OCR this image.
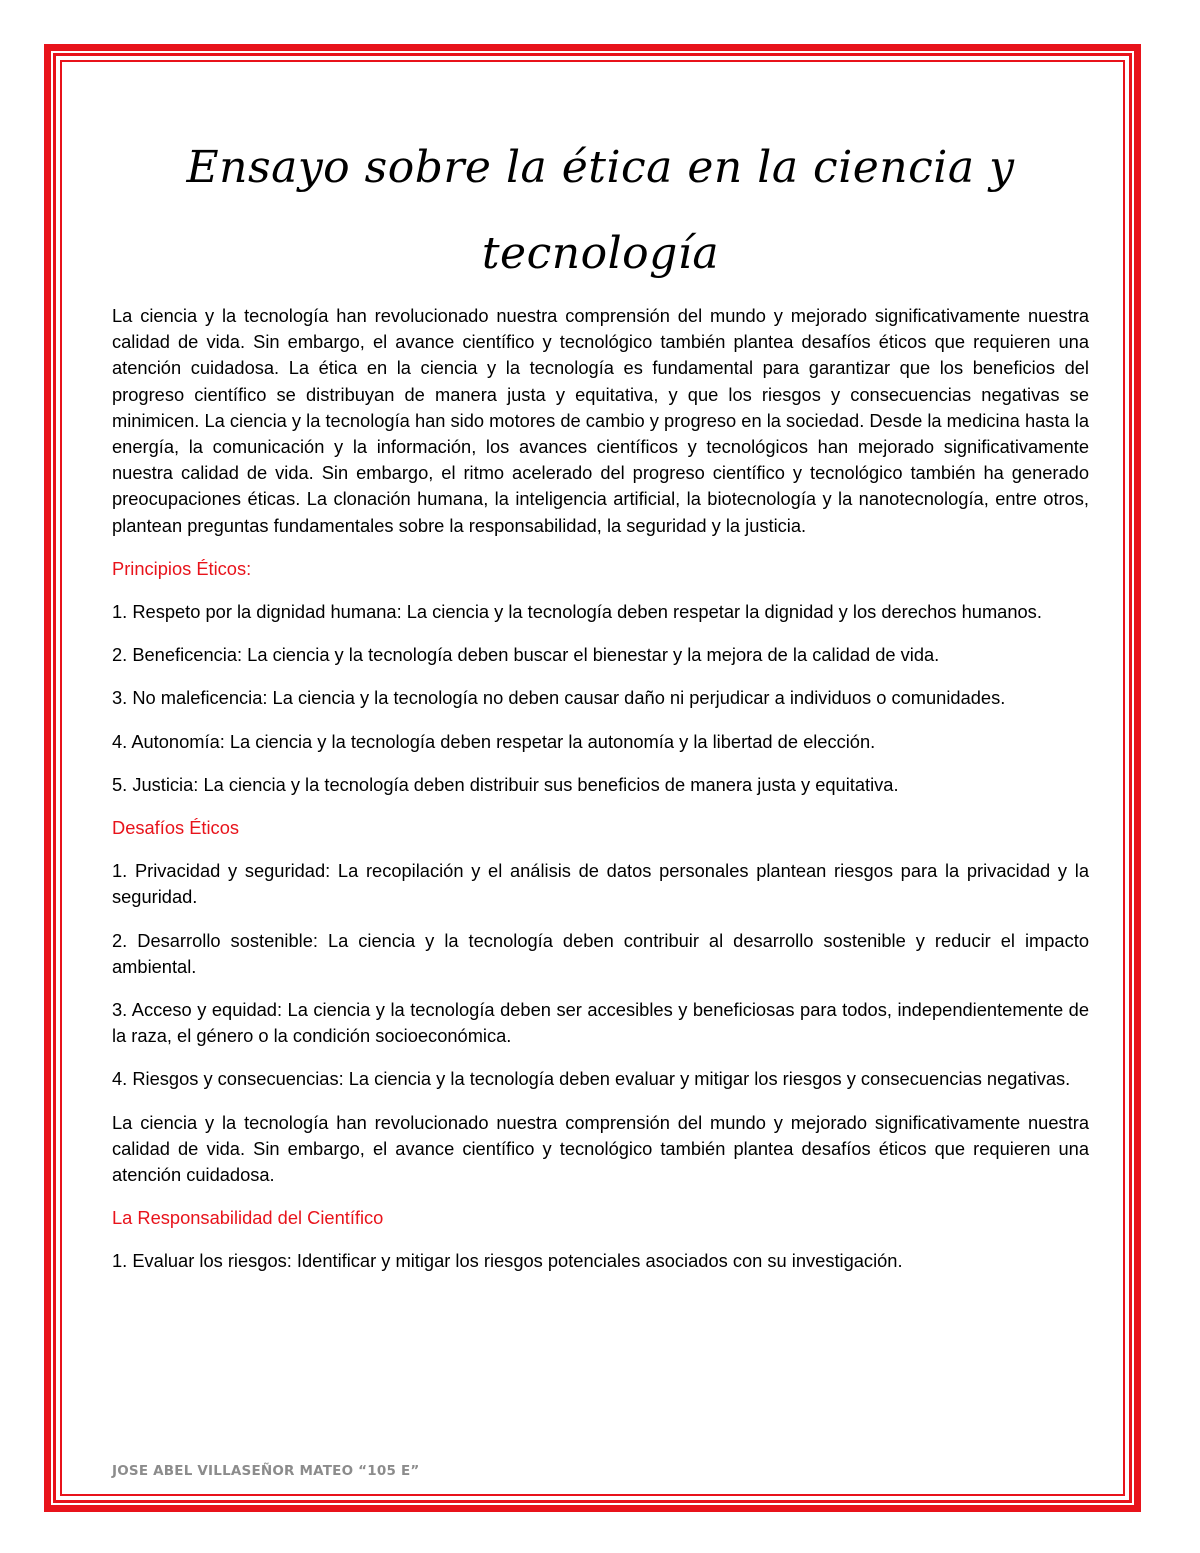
Ensayo sobre la ética en la ciencia y tecnología

La ciencia y la tecnología han revolucionado nuestra comprensión del mundo y mejorado significativamente nuestra calidad de vida. Sin embargo, el avance científico y tecnológico también plantea desafíos éticos que requieren una atención cuidadosa. La ética en la ciencia y la tecnología es fundamental para garantizar que los beneficios del progreso científico se distribuyan de manera justa y equitativa, y que los riesgos y consecuencias negativas se minimicen. La ciencia y la tecnología han sido motores de cambio y progreso en la sociedad. Desde la medicina hasta la energía, la comunicación y la información, los avances científicos y tecnológicos han mejorado significativamente nuestra calidad de vida. Sin embargo, el ritmo acelerado del progreso científico y tecnológico también ha generado preocupaciones éticas. La clonación humana, la inteligencia artificial, la biotecnología y la nanotecnología, entre otros, plantean preguntas fundamentales sobre la responsabilidad, la seguridad y la justicia.

Principios Éticos:

1. Respeto por la dignidad humana: La ciencia y la tecnología deben respetar la dignidad y los derechos humanos.

2. Beneficencia: La ciencia y la tecnología deben buscar el bienestar y la mejora de la calidad de vida.

3. No maleficencia: La ciencia y la tecnología no deben causar daño ni perjudicar a individuos o comunidades.

4. Autonomía: La ciencia y la tecnología deben respetar la autonomía y la libertad de elección.

5. Justicia: La ciencia y la tecnología deben distribuir sus beneficios de manera justa y equitativa.

Desafíos Éticos

1. Privacidad y seguridad: La recopilación y el análisis de datos personales plantean riesgos para la privacidad y la seguridad.

2. Desarrollo sostenible: La ciencia y la tecnología deben contribuir al desarrollo sostenible y reducir el impacto ambiental.

3. Acceso y equidad: La ciencia y la tecnología deben ser accesibles y beneficiosas para todos, independientemente de la raza, el género o la condición socioeconómica.

4. Riesgos y consecuencias: La ciencia y la tecnología deben evaluar y mitigar los riesgos y consecuencias negativas.

La ciencia y la tecnología han revolucionado nuestra comprensión del mundo y mejorado significativamente nuestra calidad de vida. Sin embargo, el avance científico y tecnológico también plantea desafíos éticos que requieren una atención cuidadosa.

La Responsabilidad del Científico

1. Evaluar los riesgos: Identificar y mitigar los riesgos potenciales asociados con su investigación.

JOSE ABEL VILLASEÑOR MATEO “105 E”
